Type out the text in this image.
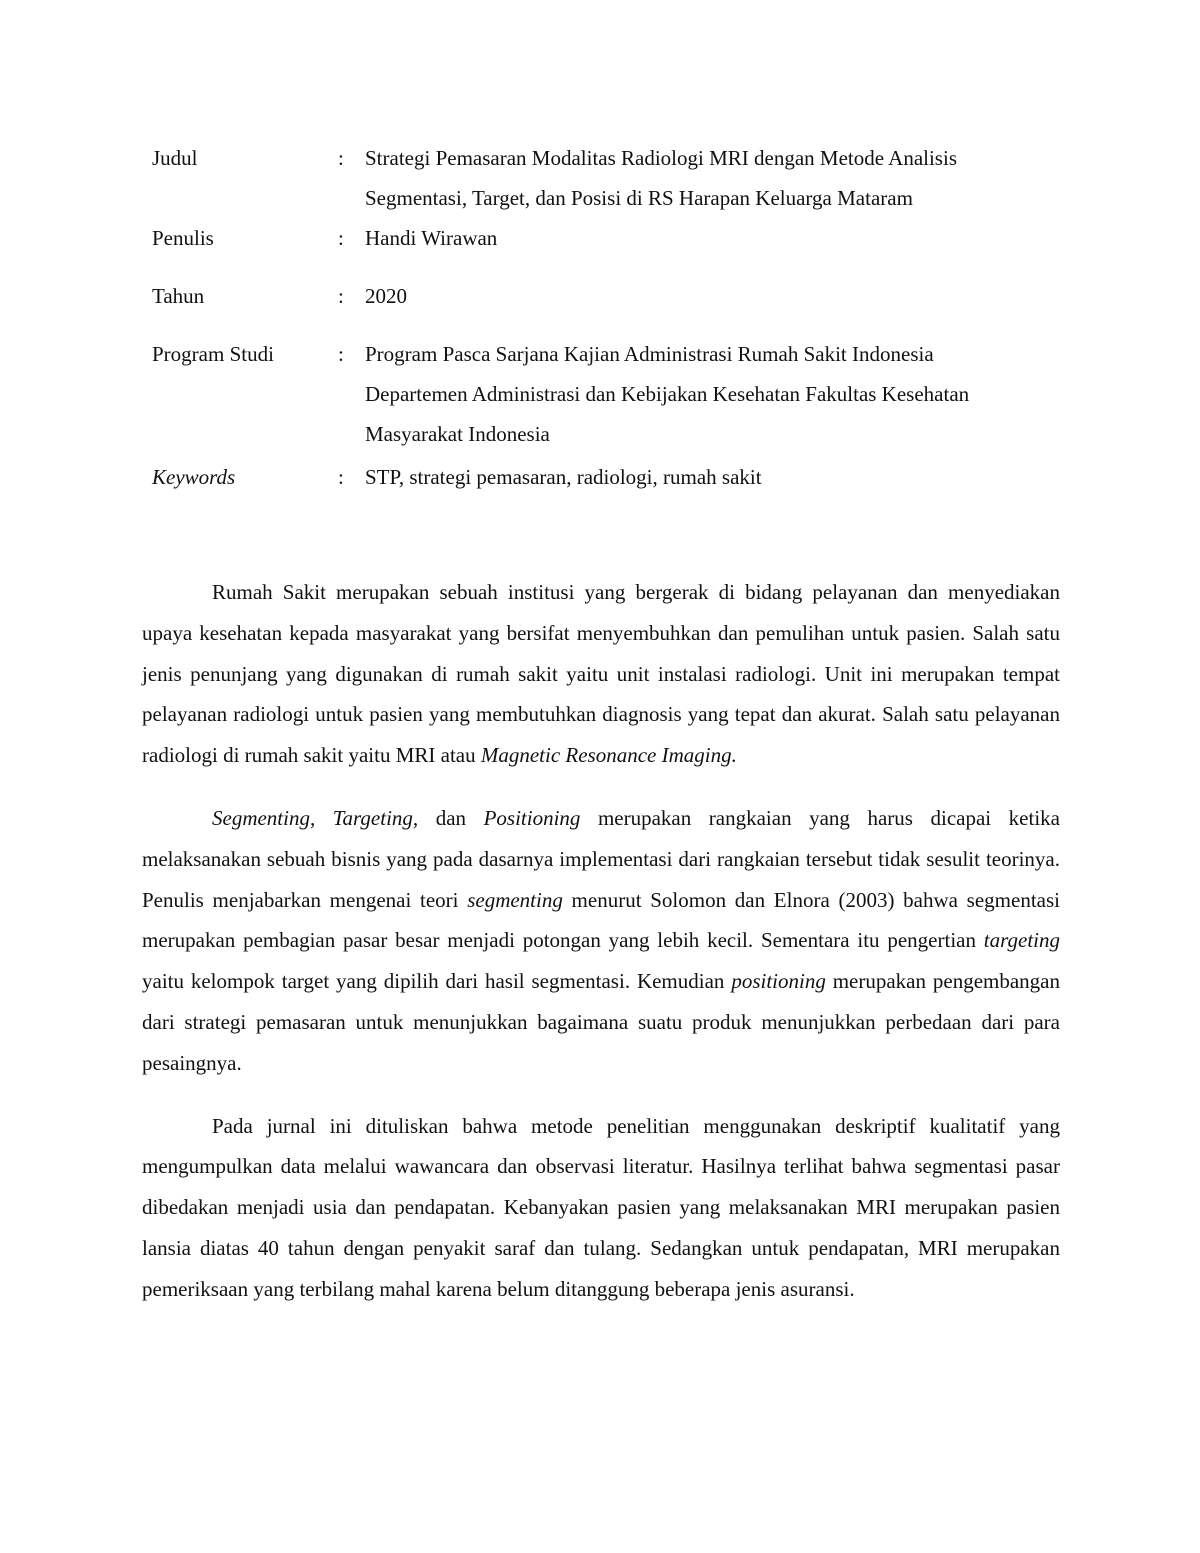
Judul	:	Strategi Pemasaran Modalitas Radiologi MRI dengan Metode Analisis
Segmentasi, Target, dan Posisi di RS Harapan Keluarga Mataram
Penulis	:	Handi Wirawan
Tahun	:	2020
Program Studi	:	Program Pasca Sarjana Kajian Administrasi Rumah Sakit Indonesia
Departemen Administrasi dan Kebijakan Kesehatan Fakultas Kesehatan
Masyarakat Indonesia
Keywords	:	STP, strategi pemasaran, radiologi, rumah sakit

Rumah Sakit merupakan sebuah institusi yang bergerak di bidang pelayanan dan menyediakan upaya kesehatan kepada masyarakat yang bersifat menyembuhkan dan pemulihan untuk pasien. Salah satu jenis penunjang yang digunakan di rumah sakit yaitu unit instalasi radiologi. Unit ini merupakan tempat pelayanan radiologi untuk pasien yang membutuhkan diagnosis yang tepat dan akurat. Salah satu pelayanan radiologi di rumah sakit yaitu MRI atau Magnetic Resonance Imaging.

Segmenting, Targeting, dan Positioning merupakan rangkaian yang harus dicapai ketika melaksanakan sebuah bisnis yang pada dasarnya implementasi dari rangkaian tersebut tidak sesulit teorinya. Penulis menjabarkan mengenai teori segmenting menurut Solomon dan Elnora (2003) bahwa segmentasi merupakan pembagian pasar besar menjadi potongan yang lebih kecil. Sementara itu pengertian targeting yaitu kelompok target yang dipilih dari hasil segmentasi. Kemudian positioning merupakan pengembangan dari strategi pemasaran untuk menunjukkan bagaimana suatu produk menunjukkan perbedaan dari para pesaingnya.

Pada jurnal ini dituliskan bahwa metode penelitian menggunakan deskriptif kualitatif yang mengumpulkan data melalui wawancara dan observasi literatur. Hasilnya terlihat bahwa segmentasi pasar dibedakan menjadi usia dan pendapatan. Kebanyakan pasien yang melaksanakan MRI merupakan pasien lansia diatas 40 tahun dengan penyakit saraf dan tulang. Sedangkan untuk pendapatan, MRI merupakan pemeriksaan yang terbilang mahal karena belum ditanggung beberapa jenis asuransi.
